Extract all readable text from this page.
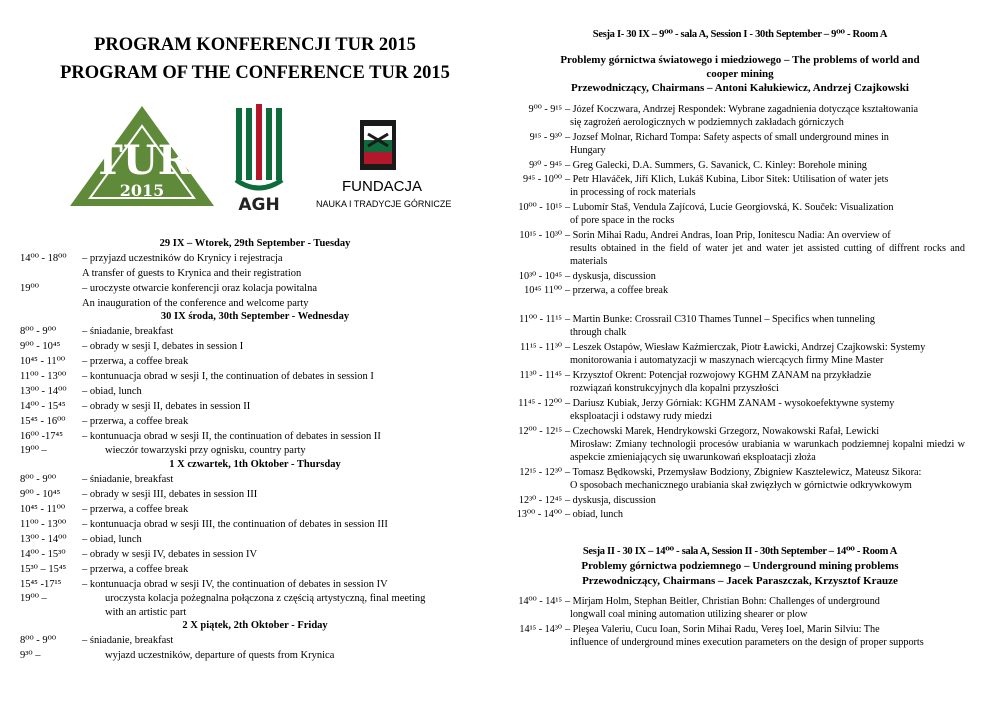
PROGRAM KONFERENCJI TUR 2015
PROGRAM OF THE CONFERENCE TUR 2015
TUR
2015
AGH
FUNDACJA
NAUKA I TRADYCJE GÓRNICZE
29 IX – Wtorek, 29th September - Tuesday
14⁰⁰ - 18⁰⁰ – przyjazd uczestników do Krynicy i rejestracja
A transfer of guests to Krynica and their registration
19⁰⁰	– uroczyste otwarcie konferencji oraz kolacja powitalna
An inauguration of the conference and welcome party
30 IX środa, 30th September - Wednesday
8⁰⁰ - 9⁰⁰ – śniadanie, breakfast
9⁰⁰ - 10⁴⁵ – obrady w sesji I, debates in session I
10⁴⁵ - 11⁰⁰ – przerwa, a coffee break
11⁰⁰ - 13⁰⁰ – kontunuacja obrad w sesji I, the continuation of debates in session I
13⁰⁰ - 14⁰⁰ – obiad, lunch
14⁰⁰ - 15⁴⁵ – obrady w sesji II, debates in session II
15⁴⁵ - 16⁰⁰ – przerwa, a coffee break
16⁰⁰ -17⁴⁵ – kontunuacja obrad w sesji II, the continuation of debates in session II
19⁰⁰ –	wieczór towarzyski przy ognisku, country party
1 X czwartek, 1th Oktober - Thursday
8⁰⁰ - 9⁰⁰ – śniadanie, breakfast
9⁰⁰ - 10⁴⁵ – obrady w sesji III, debates in session III
10⁴⁵ - 11⁰⁰ – przerwa, a coffee break
11⁰⁰ - 13⁰⁰ – kontunuacja obrad w sesji III, the continuation of debates in session III
13⁰⁰ - 14⁰⁰ – obiad, lunch
14⁰⁰ - 15³⁰ – obrady w sesji IV, debates in session IV
15³⁰ – 15⁴⁵ – przerwa, a coffee break
15⁴⁵ -17¹⁵ – kontunuacja obrad w sesji IV, the continuation of debates in session IV
19⁰⁰ –	uroczysta kolacja pożegnalna połączona z częścią artystyczną, final meeting
with an artistic part
2 X piątek, 2th Oktober - Friday
8⁰⁰ - 9⁰⁰ – śniadanie, breakfast
9³⁰ –	wyjazd uczestników, departure of quests from Krynica
Sesja I- 30 IX – 9⁰⁰ - sala A, Session I - 30th September – 9⁰⁰ - Room A
Problemy górnictwa światowego i miedziowego – The problems of world and cooper mining
Przewodniczący, Chairmans – Antoni Kałukiewicz, Andrzej Czajkowski
9⁰⁰ - 9¹⁵ – Józef Koczwara, Andrzej Respondek: Wybrane zagadnienia dotyczące kształtowania
się zagrożeń aerologicznych w podziemnych zakładach górniczych
9¹⁵ - 9³⁰ – Jozsef Molnar, Richard Tompa: Safety aspects of small underground mines in
Hungary
9³⁰ - 9⁴⁵ – Greg Galecki, D.A. Summers, G. Savanick, C. Kinley: Borehole mining
9⁴⁵ - 10⁰⁰ – Petr Hlaváček, Jiří Klich, Lukáš Kubina, Libor Sitek: Utilisation of water jets
in processing of rock materials
10⁰⁰ - 10¹⁵ – Lubomír Staš, Vendula Zajícová, Lucie Georgiovská, K. Souček: Visualization
of pore space in the rocks
10¹⁵ - 10³⁰ – Sorin Mihai Radu, Andrei Andras, Ioan Prip, Ionitescu Nadia: An overview of
results obtained in the field of water jet and water jet assisted cutting of diffrent rocks and materials
10³⁰ - 10⁴⁵ – dyskusja, discussion
10⁴⁵ 11⁰⁰ – przerwa, a coffee break
11⁰⁰ - 11¹⁵ – Martin Bunke: Crossrail C310 Thames Tunnel – Specifics when tunneling
through chalk
11¹⁵ - 11³⁰ – Leszek Ostapów, Wiesław Kaźmierczak, Piotr Ławicki, Andrzej Czajkowski: Systemy
monitorowania i automatyzacji w maszynach wiercących firmy Mine Master
11³⁰ - 11⁴⁵ – Krzysztof Okrent: Potencjał rozwojowy KGHM ZANAM na przykładzie
rozwiązań konstrukcyjnych dla kopalni przyszłości
11⁴⁵ - 12⁰⁰ – Dariusz Kubiak, Jerzy Górniak: KGHM ZANAM - wysokoefektywne systemy
eksploatacji i odstawy rudy miedzi
12⁰⁰ - 12¹⁵ – Czechowski Marek, Hendrykowski Grzegorz, Nowakowski Rafał, Lewicki
Mirosław: Zmiany technologii procesów urabiania w warunkach podziemnej kopalni miedzi w aspekcie zmieniających się uwarunkowań eksploatacji złoża
12¹⁵ - 12³⁰ – Tomasz Będkowski, Przemysław Bodziony, Zbigniew Kasztelewicz, Mateusz Sikora:
O sposobach mechanicznego urabiania skał zwięzłych w górnictwie odkrywkowym
12³⁰ - 12⁴⁵ – dyskusja, discussion
13⁰⁰ - 14⁰⁰ – obiad, lunch
Sesja II - 30 IX – 14⁰⁰ - sala A, Session II - 30th September – 14⁰⁰ - Room A
Problemy górnictwa podziemnego – Underground mining problems
Przewodniczący, Chairmans – Jacek Paraszczak, Krzysztof Krauze
14⁰⁰ - 14¹⁵ – Mirjam Holm, Stephan Beitler, Christian Bohn: Challenges of underground
longwall coal mining automation utilizing shearer or plow
14¹⁵ - 14³⁰ – Pleşea Valeriu, Cucu Ioan, Sorin Mihai Radu, Vereş Ioel, Marin Silviu: The
influence of underground mines execution parameters on the design of proper supports
